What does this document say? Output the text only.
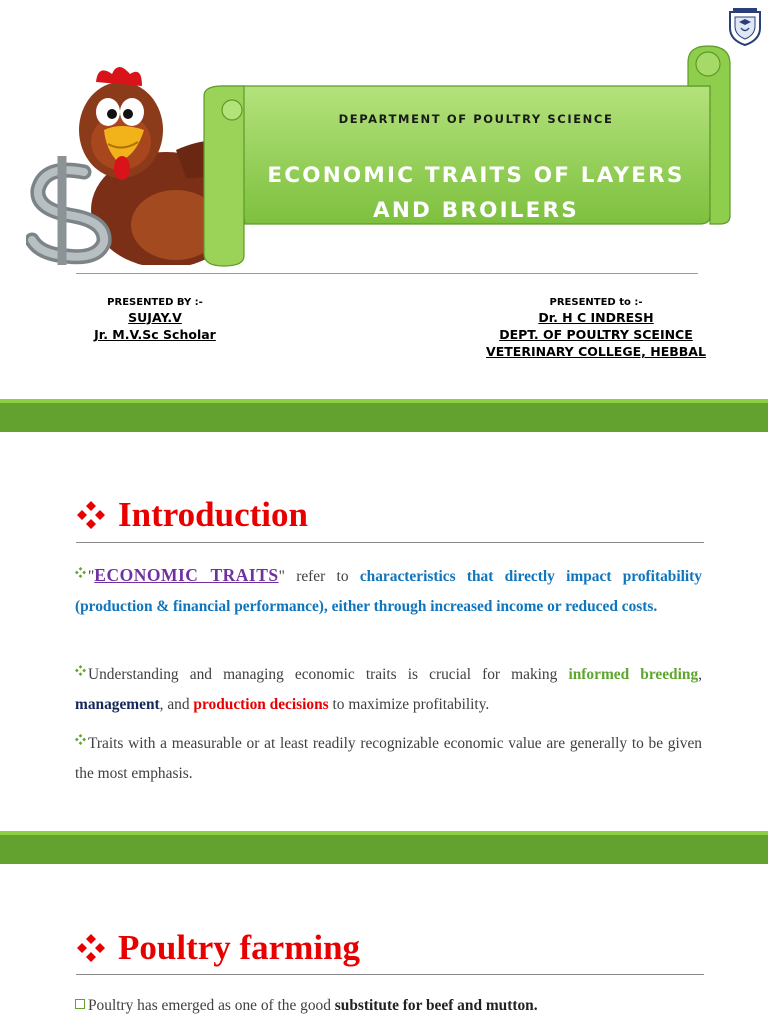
DEPARTMENT OF POULTRY SCIENCE
ECONOMIC TRAITS OF LAYERS
AND BROILERS
PRESENTED BY :-
SUJAY.V
Jr. M.V.Sc Scholar
PRESENTED to :-
Dr. H C INDRESH
DEPT. OF POULTRY SCEINCE
VETERINARY COLLEGE, HEBBAL
Introduction
"ECONOMIC TRAITS" refer to characteristics that directly impact profitability (production & financial performance), either through increased income or reduced costs.
Understanding and managing economic traits is crucial for making informed breeding, management, and production decisions to maximize profitability.
Traits with a measurable or at least readily recognizable economic value are generally to be given the most emphasis.
Poultry farming
Poultry has emerged as one of the good substitute for beef and mutton.
